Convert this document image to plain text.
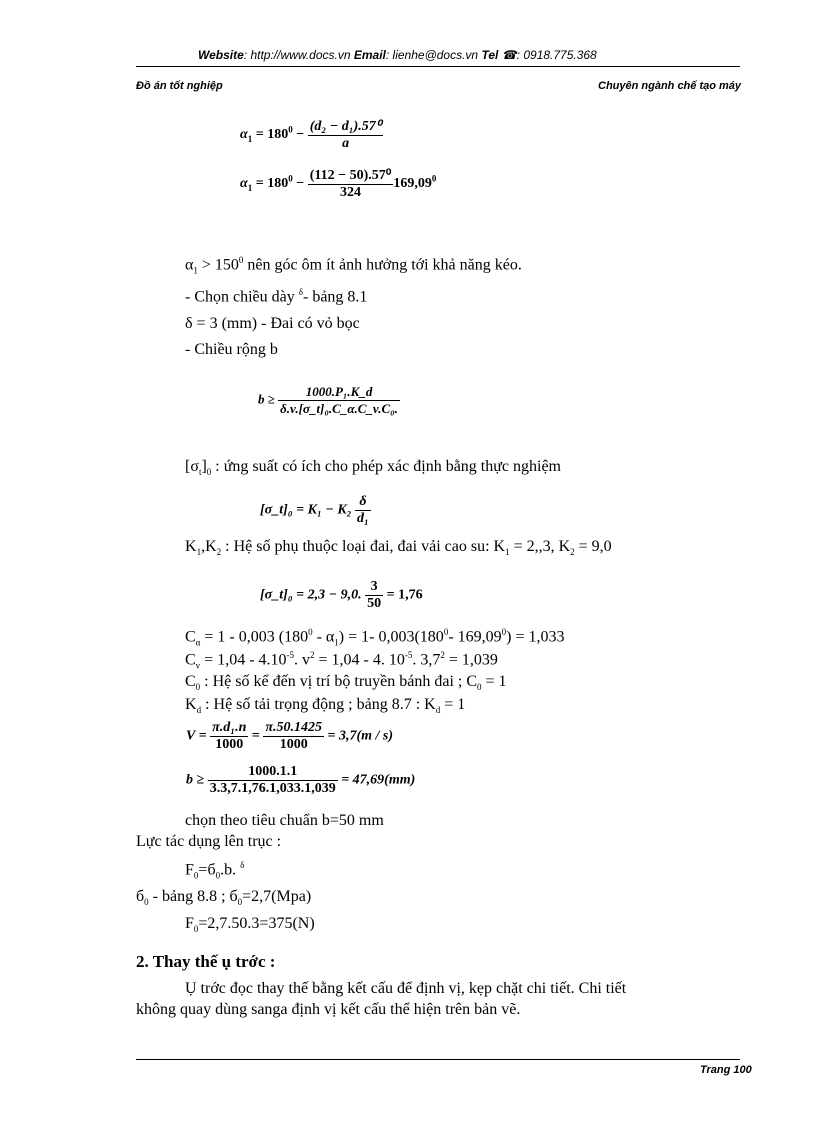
Website: http://www.docs.vn Email: lienhe@docs.vn Tel ☎: 0918.775.368
Đồ án tốt nghiệp	Chuyên ngành chế tạo máy
$\alpha_1 = 180^0 - \frac{\text{(d₂ − d₁).57⁰}}{a}$
$\alpha_1 = 180^0 - \frac{\text{(112 − 50).57⁰}}{324} 169,09^0$
$\alpha_1 > 150^0$ nên góc ôm ít ảnh hưởng tới khả năng kéo.
- Chọn chiều dày $^\delta$- bảng 8.1
δ = 3 (mm) - Đai có vỏ bọc
- Chiều rộng b
$b \ge \frac{\text{1000.P₁.K\_d}}{\text{δ.v.[σ\_t]₀.C\_α.C\_v.C₀.}}$
$[\sigma_t]_0$ : ứng suất có ích cho phép xác định bằng thực nghiệm
[σ_t]₀ = $K_1 - K_2 \frac{\delta}{\text{d₁}}$
$K_1,K_2$ : Hệ số phụ thuộc loại đai, đai vải cao su: $K_1 = 2,,3$, $K_2 = 9,0$
[σ_t]₀ = 2,3 − 9,0. $\frac{3}{50} = 1,76$
$C_\alpha = 1 - 0,003$ $(180^0 - \alpha_1) = 1-$ $0,003(180^0-$ $169,09^0) = 1,033$
$C_v = 1,04 - 4.10^{-5}$. $v^2 = 1,04 - 4$. $10^{-5}$. $3,7^2 = 1,039$
$C_0$ : Hệ số kể đến vị trí bộ truyền bánh đai ; $C_0 = 1$
$K_d$ : Hệ số tải trọng động ; bảng 8.7 : $K_d = 1$
$V = \frac{\text{π.d₁.n}}{1000} = \frac{\pi.50.1425}{1000} = 3,7(m / s)$
$b \ge \frac{1000.1.1}{3.3,7.1,76.1,033.1,039} = 47,69(mm)$
chọn theo tiêu chuẩn b=50 mm
Lực tác dụng lên trục :
$F_0=б_0.b$. $^\delta$
$б_0$ - bảng 8.8 ; $б_0=2,7(Mpa)$
$F_0=2,7.50.3=375(N)$
2. Thay thế ụ trớc :
Ụ trớc đọc thay thế bằng kết cấu để định vị, kẹp chặt chi tiết. Chi tiết
không quay dùng sanga định vị kết cấu thể hiện trên bản vẽ.
Trang 100
